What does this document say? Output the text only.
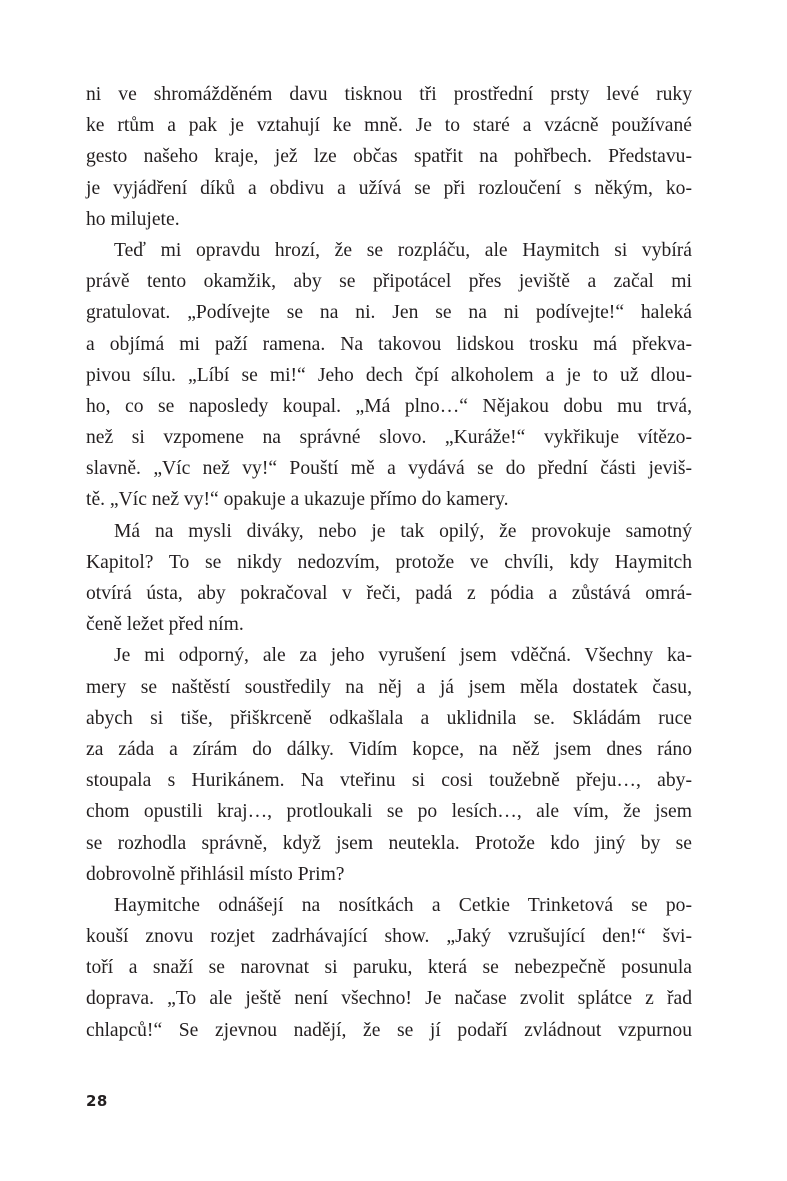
ni ve shromážděném davu tisknou tři prostřední prsty levé ruky
ke rtům a pak je vztahují ke mně. Je to staré a vzácně používané
gesto našeho kraje, jež lze občas spatřit na pohřbech. Představu-
je vyjádření díků a obdivu a užívá se při rozloučení s někým, ko-
ho milujete.

Teď mi opravdu hrozí, že se rozpláču, ale Haymitch si vybírá
právě tento okamžik, aby se připotácel přes jeviště a začal mi
gratulovat. „Podívejte se na ni. Jen se na ni podívejte!“ haleká
a objímá mi paží ramena. Na takovou lidskou trosku má překva-
pivou sílu. „Líbí se mi!“ Jeho dech čpí alkoholem a je to už dlou-
ho, co se naposledy koupal. „Má plno…“ Nějakou dobu mu trvá,
než si vzpomene na správné slovo. „Kuráže!“ vykřikuje vítězo-
slavně. „Víc než vy!“ Pouští mě a vydává se do přední části jeviš-
tě. „Víc než vy!“ opakuje a ukazuje přímo do kamery.

Má na mysli diváky, nebo je tak opilý, že provokuje samotný
Kapitol? To se nikdy nedozvím, protože ve chvíli, kdy Haymitch
otvírá ústa, aby pokračoval v řeči, padá z pódia a zůstává omrá-
čeně ležet před ním.

Je mi odporný, ale za jeho vyrušení jsem vděčná. Všechny ka-
mery se naštěstí soustředily na něj a já jsem měla dostatek času,
abych si tiše, přiškrceně odkašlala a uklidnila se. Skládám ruce
za záda a zírám do dálky. Vidím kopce, na něž jsem dnes ráno
stoupala s Hurikánem. Na vteřinu si cosi toužebně přeju…, aby-
chom opustili kraj…, protloukali se po lesích…, ale vím, že jsem
se rozhodla správně, když jsem neutekla. Protože kdo jiný by se
dobrovolně přihlásil místo Prim?

Haymitche odnášejí na nosítkách a Cetkie Trinketová se po-
kouší znovu rozjet zadrhávající show. „Jaký vzrušující den!“ švi-
toří a snaží se narovnat si paruku, která se nebezpečně posunula
doprava. „To ale ještě není všechno! Je načase zvolit splátce z řad
chlapců!“ Se zjevnou nadějí, že se jí podaří zvládnout vzpurnou

28
